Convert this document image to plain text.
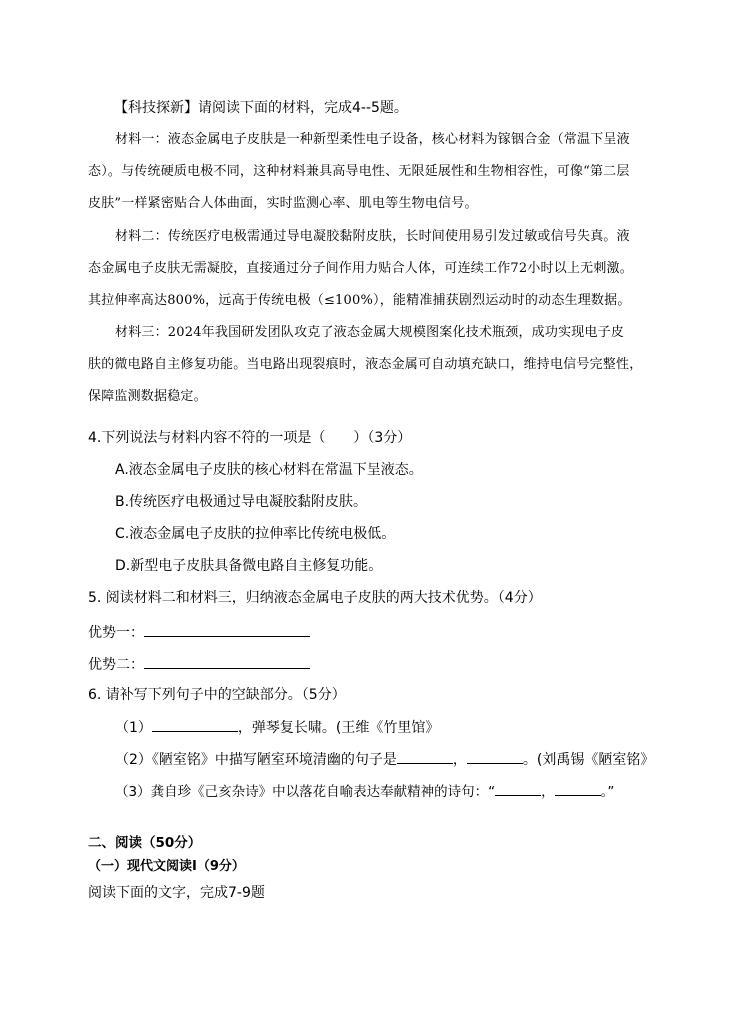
【科技探新】请阅读下面的材料，完成4--5题。
材料一：液态金属电子皮肤是一种新型柔性电子设备，核心材料为镓铟合金（常温下呈液
态）。与传统硬质电极不同，这种材料兼具高导电性、无限延展性和生物相容性，可像“第二层
皮肤”一样紧密贴合人体曲面，实时监测心率、肌电等生物电信号。
材料二：传统医疗电极需通过导电凝胶黏附皮肤，长时间使用易引发过敏或信号失真。液
态金属电子皮肤无需凝胶，直接通过分子间作用力贴合人体，可连续工作72小时以上无刺激。
其拉伸率高达800%，远高于传统电极（≤100%），能精准捕获剧烈运动时的动态生理数据。
材料三：2024年我国研发团队攻克了液态金属大规模图案化技术瓶颈，成功实现电子皮
肤的微电路自主修复功能。当电路出现裂痕时，液态金属可自动填充缺口，维持电信号完整性，
保障监测数据稳定。
4.下列说法与材料内容不符的一项是（　　）（3分）
A.液态金属电子皮肤的核心材料在常温下呈液态。
B.传统医疗电极通过导电凝胶黏附皮肤。
C.液态金属电子皮肤的拉伸率比传统电极低。
D.新型电子皮肤具备微电路自主修复功能。
5. 阅读材料二和材料三，归纳液态金属电子皮肤的两大技术优势。（4分）
优势一：
优势二：
6. 请补写下列句子中的空缺部分。（5分）
（1）	，弹琴复长啸。(王维《竹里馆》
（2）《陋室铭》中描写陋室环境清幽的句子是	，	。(刘禹锡《陋室铭》
（3）龚自珍《己亥杂诗》中以落花自喻表达奉献精神的诗句：“	，	。”
二、阅读（50分）
（一）现代文阅读Ⅰ（9分）
阅读下面的文字，完成7-9题
